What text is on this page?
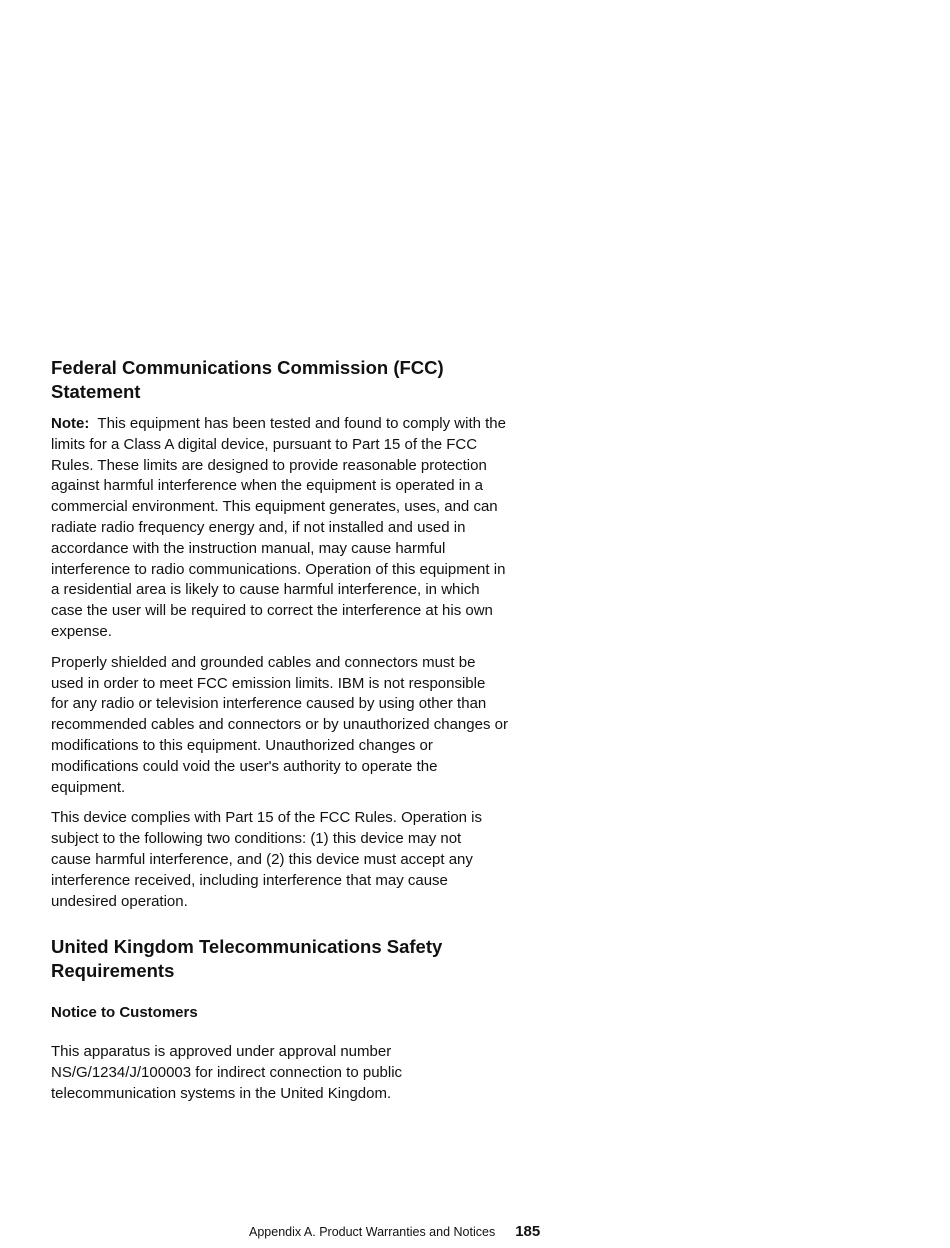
Federal Communications Commission (FCC)
Statement

Note: This equipment has been tested and found to comply with the
limits for a Class A digital device, pursuant to Part 15 of the FCC
Rules. These limits are designed to provide reasonable protection
against harmful interference when the equipment is operated in a
commercial environment. This equipment generates, uses, and can
radiate radio frequency energy and, if not installed and used in
accordance with the instruction manual, may cause harmful
interference to radio communications. Operation of this equipment in
a residential area is likely to cause harmful interference, in which
case the user will be required to correct the interference at his own
expense.

Properly shielded and grounded cables and connectors must be
used in order to meet FCC emission limits. IBM is not responsible
for any radio or television interference caused by using other than
recommended cables and connectors or by unauthorized changes or
modifications to this equipment. Unauthorized changes or
modifications could void the user's authority to operate the
equipment.

This device complies with Part 15 of the FCC Rules. Operation is
subject to the following two conditions: (1) this device may not
cause harmful interference, and (2) this device must accept any
interference received, including interference that may cause
undesired operation.

United Kingdom Telecommunications Safety
Requirements
Notice to Customers

This apparatus is approved under approval number
NS/G/1234/J/100003 for indirect connection to public
telecommunication systems in the United Kingdom.

Appendix A. Product Warranties and Notices 185
